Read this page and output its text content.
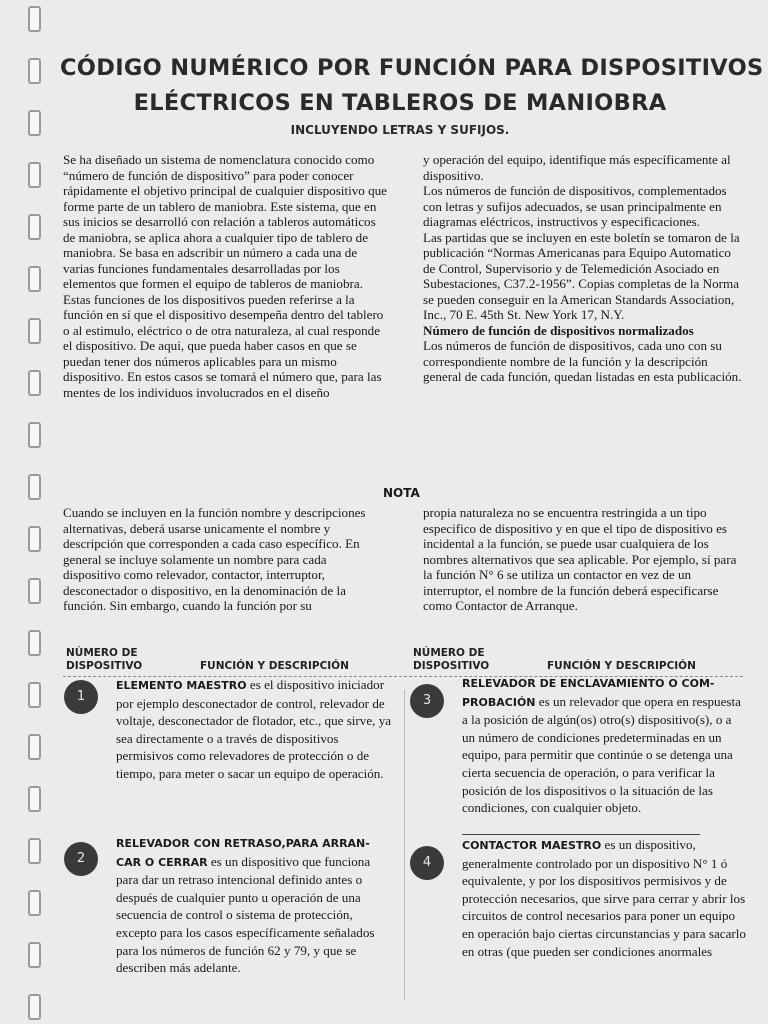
CÓDIGO NUMÉRICO POR FUNCIÓN PARA DISPOSITIVOS
ELÉCTRICOS EN TABLEROS DE MANIOBRA
INCLUYENDO LETRAS Y SUFIJOS.

Se ha diseñado un sistema de nomenclatura conocido como “número de función de dispositivo” para poder conocer rápidamente el objetivo principal de cualquier dispositivo que forme parte de un tablero de maniobra. Este sistema, que en sus inicios se desarrolló con relación a tableros automáticos de maniobra, se aplica ahora a cualquier tipo de tablero de maniobra. Se basa en adscribir un número a cada una de varias funciones fundamentales desarrolladas por los elementos que formen el equipo de tableros de maniobra.

Estas funciones de los dispositivos pueden referirse a la función en sí que el dispositivo desempeña dentro del tablero o al estimulo, eléctrico o de otra naturaleza, al cual responde el dispositivo. De aqui, que pueda haber casos en que se puedan tener dos números aplicables para un mismo dispositivo. En estos casos se tomará el número que, para las mentes de los individuos involucrados en el diseño

y operación del equipo, identifique más específicamente al dispositivo.

Los números de función de dispositivos, complementados con letras y sufijos adecuados, se usan principalmente en diagramas eléctricos, instructivos y especificaciones.

Las partidas que se incluyen en este boletín se tomaron de la publicación “Normas Americanas para Equipo Automatico de Control, Supervisorio y de Telemedición Asociado en Subestaciones, C37.2-1956”. Copias completas de la Norma se pueden conseguir en la American Standards Association, Inc., 70 E. 45th St. New York 17, N.Y.

Número de función de dispositivos normalizados

Los números de función de dispositivos, cada uno con su correspondiente nombre de la función y la descripción general de cada función, quedan listadas en esta publicación.

NOTA

Cuando se incluyen en la función nombre y descripciones alternativas, deberá usarse unicamente el nombre y descripción que corresponden a cada caso específico. En general se incluye solamente un nombre para cada dispositivo como relevador, contactor, interruptor, desconectador o dispositivo, en la denominación de la función. Sin embargo, cuando la función por su

propia naturaleza no se encuentra restringida a un tipo especifico de dispositivo y en que el tipo de dispositivo es incidental a la función, se puede usar cualquiera de los nombres alternativos que sea aplicable. Por ejemplo, sí para la función N° 6 se utiliza un contactor en vez de un interruptor, el nombre de la función deberá especificarse como Contactor de Arranque.

NÚMERO DE
DISPOSITIVO	FUNCIÓN Y DESCRIPCIÓN
NÚMERO DE
DISPOSITIVO	FUNCIÓN Y DESCRIPCIÓN
1
ELEMENTO MAESTRO es el dispositivo iniciador por ejemplo desconectador de control, relevador de voltaje, desconectador de flotador, etc., que sirve, ya sea directamente o a través de dispositivos permisivos como relevadores de protección o de tiempo, para meter o sacar un equipo de operación.
2
RELEVADOR CON RETRASO,PARA ARRAN-CAR O CERRAR es un dispositivo que funciona para dar un retraso intencional definido antes o después de cualquier punto u operación de una secuencia de control o sistema de protección, excepto para los casos específicamente señalados para los números de función 62 y 79, y que se describen más adelante.
3
RELEVADOR DE ENCLAVAMIENTO O COM-PROBACIÓN es un relevador que opera en respuesta a la posición de algún(os) otro(s) dispositivo(s), o a un número de condiciones predeterminadas en un equipo, para permitir que continúe o se detenga una cierta secuencia de operación, o para verificar la posición de los dispositivos o la situación de las condiciones, con cualquier objeto.
4
CONTACTOR MAESTRO es un dispositivo, generalmente controlado por un dispositivo N° 1 ó equivalente, y por los dispositivos permisivos y de protección necesarios, que sirve para cerrar y abrir los circuitos de control necesarios para poner un equipo en operación bajo ciertas circunstancias y para sacarlo en otras (que pueden ser condiciones anormales
